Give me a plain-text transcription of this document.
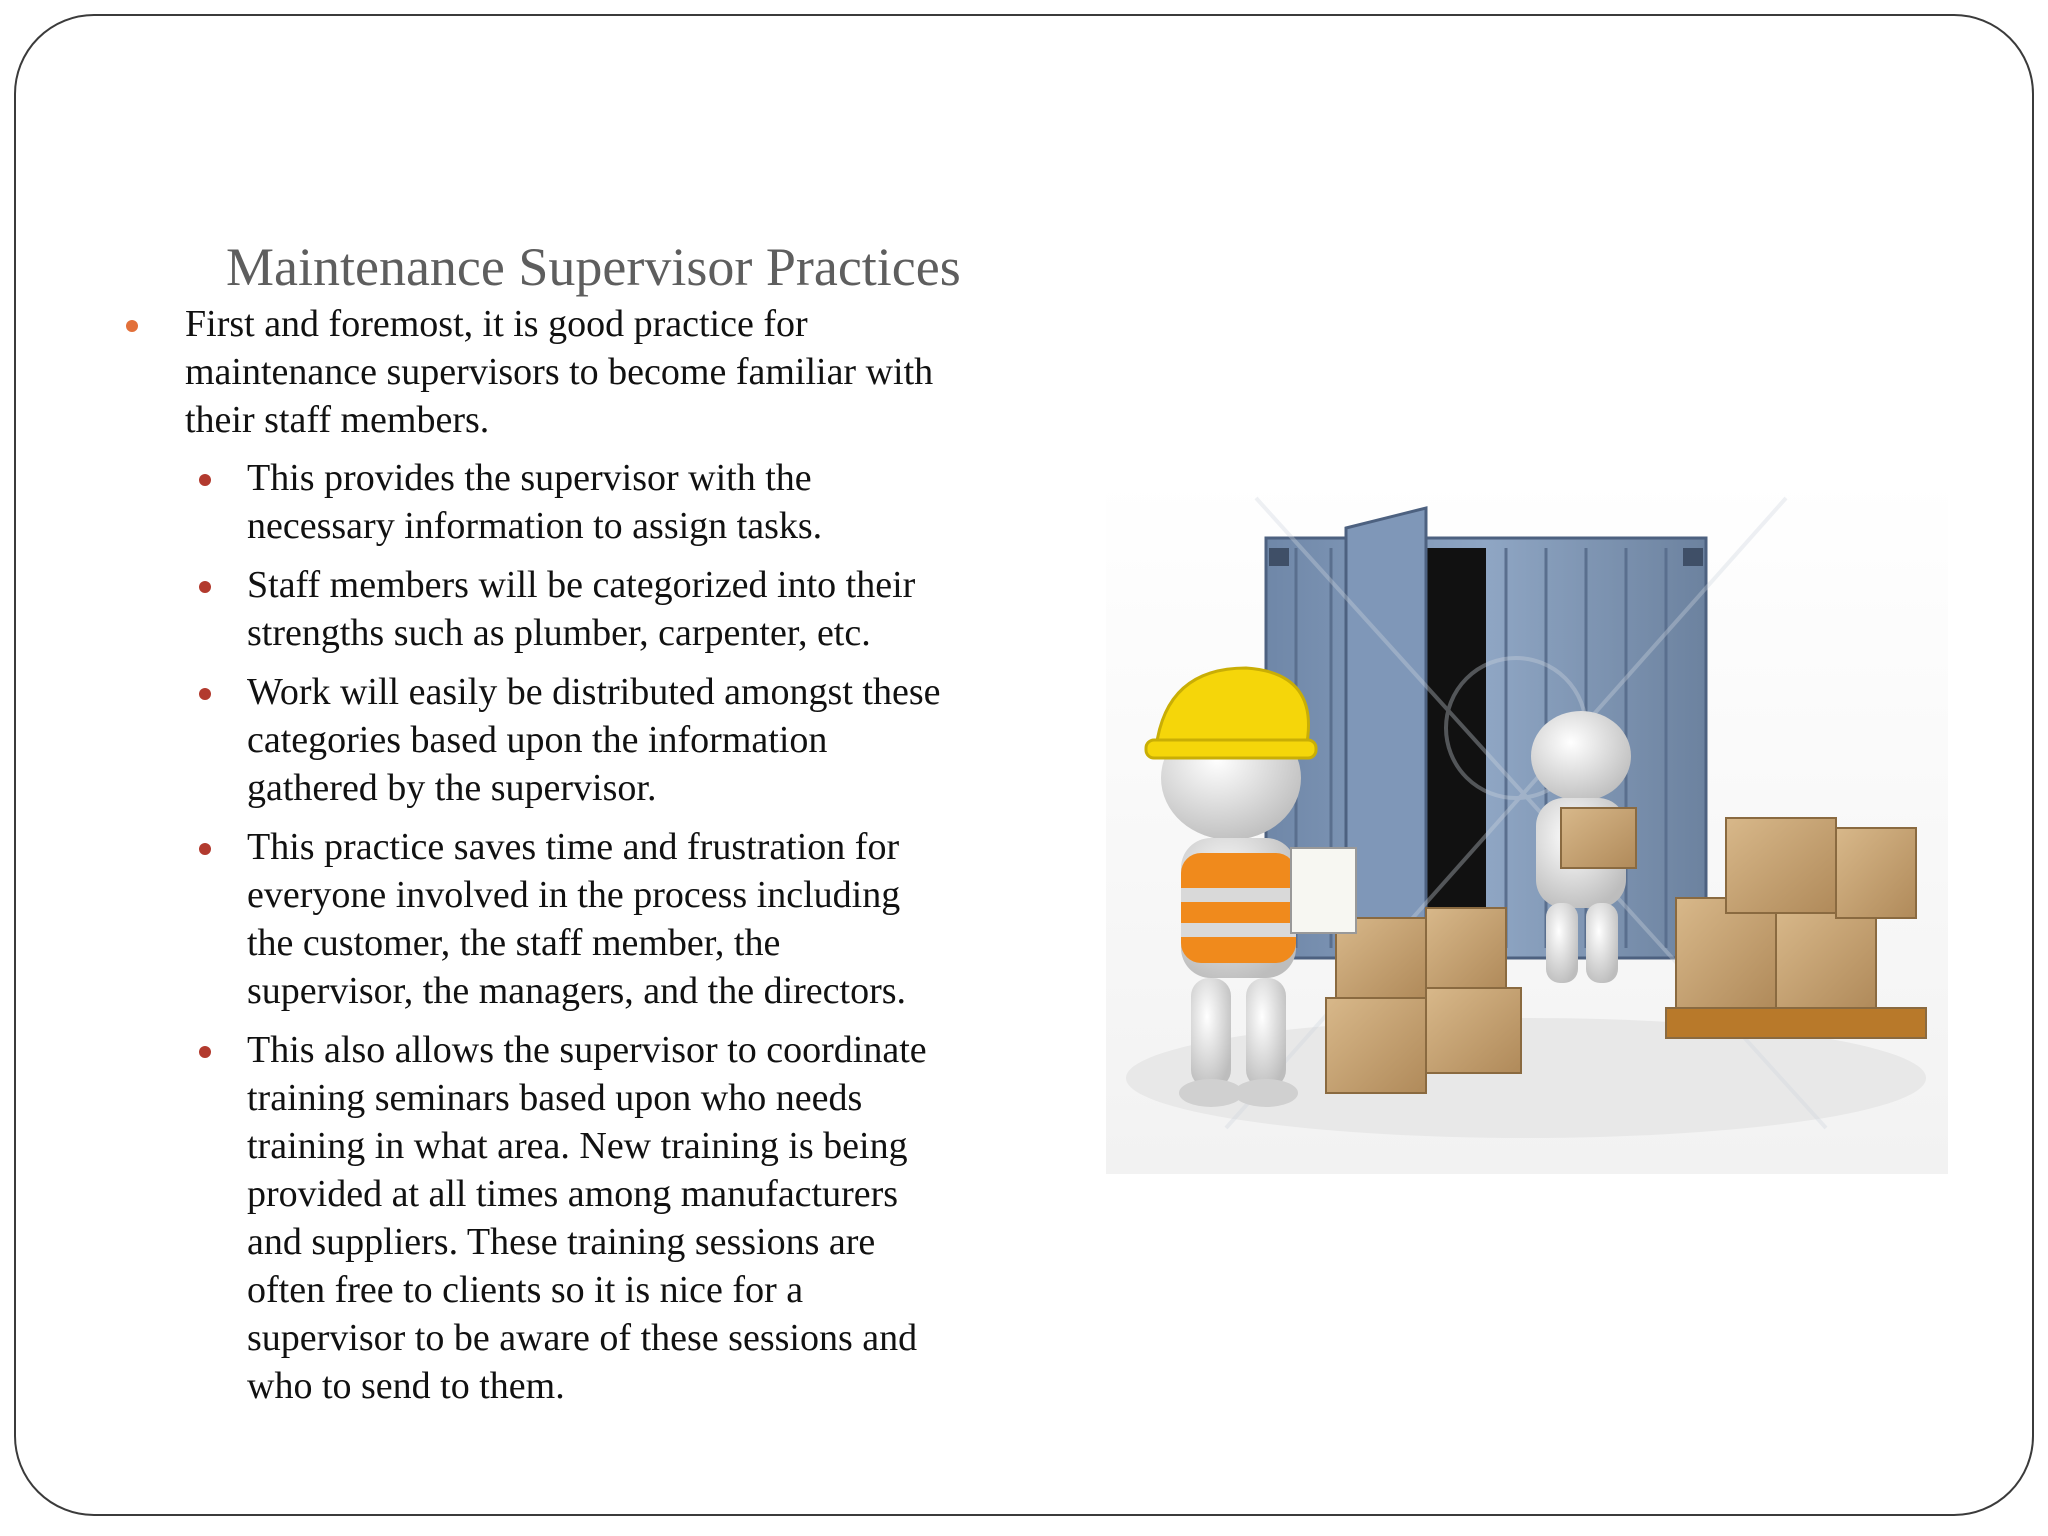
Maintenance Supervisor Practices
First and foremost, it is good practice for
maintenance supervisors to become familiar with
their staff members.
This provides the supervisor with the
necessary information to assign tasks.
Staff members will be categorized into their
strengths such as plumber, carpenter, etc.
Work will easily be distributed amongst these
categories based upon the information
gathered by the supervisor.
This practice saves time and frustration for
everyone involved in the process including
the customer, the staff member, the
supervisor, the managers, and the directors.
This also allows the supervisor to coordinate
training seminars based upon who needs
training in what area. New training is being
provided at all times among manufacturers
and suppliers. These training sessions are
often free to clients so it is nice for a
supervisor to be aware of these sessions and
who to send to them.
